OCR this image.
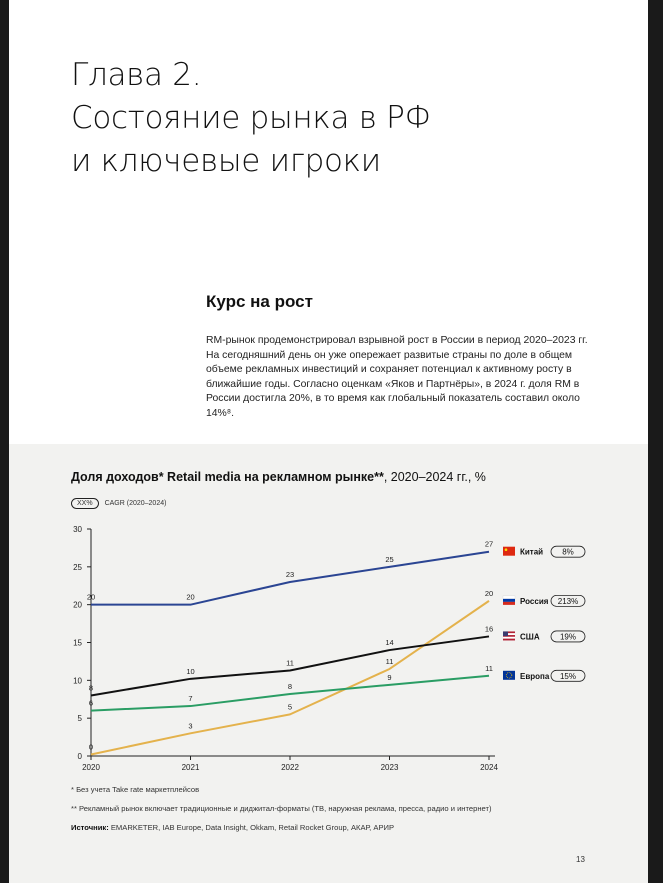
Глава 2.
Состояние рынка в РФ
и ключевые игроки
Курс на рост
RM-рынок продемонстрировал взрывной рост в России в период 2020–2023 гг. На сегодняшний день он уже опережает развитые страны по доле в общем объеме рекламных инвестиций и сохраняет потенциал к активному росту в ближайшие годы. Согласно оценкам «Яков и Партнёры», в 2024 г. доля RM в России достигла 20%, в то время как глобальный показатель составил около 14%⁸.
Доля доходов* Retail media на рекламном рынке**, 2020–2024 гг., %
XX%	CAGR (2020–2024)
0
5
10
15
20
25
30
2020	2021	2022	2023	2024
20	20
23
25
27
Китай 8%
0
3
5
11
20
Россия 213%
8
10
11
14
16
США	19%
6
7
8
9
11
Европа 15%
* Без учета Take rate маркетплейсов
** Рекламный рынок включает традиционные и диджитал-форматы (ТВ, наружная реклама, пресса, радио и интернет)
Источник: EMARKETER, IAB Europe, Data Insight, Okkam, Retail Rocket Group, АКАР, АРИР
13
